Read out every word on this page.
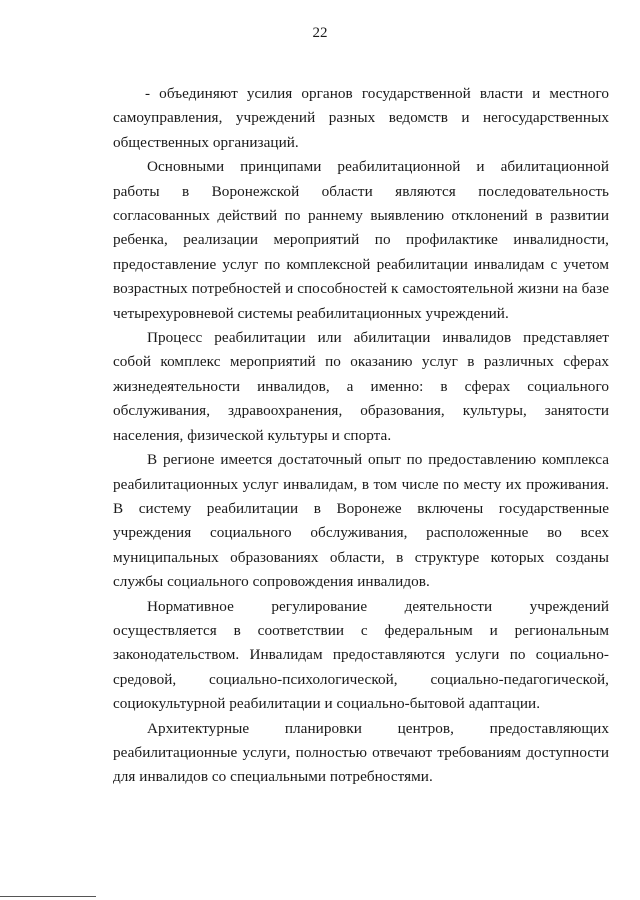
22

- объединяют усилия органов государственной власти и местного самоуправления, учреждений разных ведомств и негосударственных общественных организаций.

Основными принципами реабилитационной и абилитационной работы в Воронежской области являются последовательность согласованных действий по раннему выявлению отклонений в развитии ребенка, реализации мероприятий по профилактике инвалидности, предоставление услуг по комплексной реабилитации инвалидам с учетом возрастных потребностей и способностей к самостоятельной жизни на базе четырехуровневой системы реабилитационных учреждений.

Процесс реабилитации или абилитации инвалидов представляет собой комплекс мероприятий по оказанию услуг в различных сферах жизнедеятельности инвалидов, а именно: в сферах социального обслуживания, здравоохранения, образования, культуры, занятости населения, физической культуры и спорта.

В регионе имеется достаточный опыт по предоставлению комплекса реабилитационных услуг инвалидам, в том числе по месту их проживания. В систему реабилитации в Воронеже включены государственные учреждения социального обслуживания, расположенные во всех муниципальных образованиях области, в структуре которых созданы службы социального сопровождения инвалидов.

Нормативное регулирование деятельности учреждений осуществляется в соответствии с федеральным и региональным законодательством. Инвалидам предоставляются услуги по социально-средовой, социально-психологической, социально-педагогической, социокультурной реабилитации и социально-бытовой адаптации.

Архитектурные планировки центров, предоставляющих реабилитационные услуги, полностью отвечают требованиям доступности для инвалидов со специальными потребностями.
